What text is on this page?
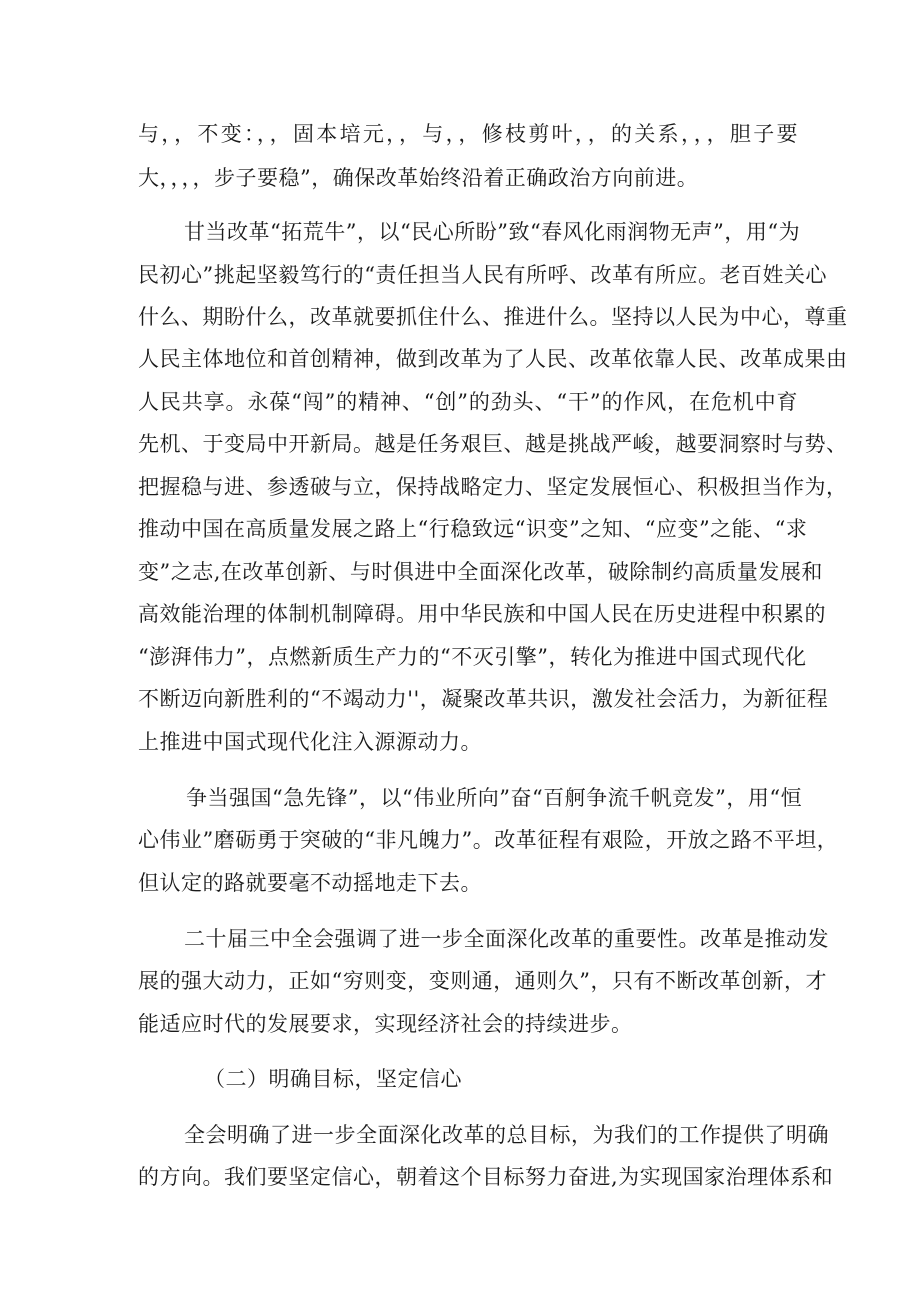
与，，不变：，，固本培元，，与，，修枝剪叶，，的关系，，，胆子要
大，，，，步子要稳”，确保改革始终沿着正确政治方向前进。
甘当改革“拓荒牛”，以“民心所盼”致“春风化雨润物无声”，用“为
民初心”挑起坚毅笃行的“责任担当人民有所呼、改革有所应。老百姓关心
什么、期盼什么，改革就要抓住什么、推进什么。坚持以人民为中心，尊重
人民主体地位和首创精神，做到改革为了人民、改革依靠人民、改革成果由
人民共享。永葆“闯”的精神、“创”的劲头、“干”的作风，在危机中育
先机、于变局中开新局。越是任务艰巨、越是挑战严峻，越要洞察时与势、
把握稳与进、参透破与立，保持战略定力、坚定发展恒心、积极担当作为，
推动中国在高质量发展之路上“行稳致远“识变”之知、“应变”之能、“求
变”之志,在改革创新、与时俱进中全面深化改革，破除制约高质量发展和
高效能治理的体制机制障碍。用中华民族和中国人民在历史进程中积累的
“澎湃伟力”，点燃新质生产力的“不灭引擎”，转化为推进中国式现代化
不断迈向新胜利的“不竭动力''，凝聚改革共识，激发社会活力，为新征程
上推进中国式现代化注入源源动力。
争当强国“急先锋”，以“伟业所向”奋“百舸争流千帆竞发”，用“恒
心伟业”磨砺勇于突破的“非凡魄力”。改革征程有艰险，开放之路不平坦，
但认定的路就要毫不动摇地走下去。
二十届三中全会强调了进一步全面深化改革的重要性。改革是推动发
展的强大动力，正如“穷则变，变则通，通则久”，只有不断改革创新，才
能适应时代的发展要求，实现经济社会的持续进步。
（二）明确目标，坚定信心
全会明确了进一步全面深化改革的总目标，为我们的工作提供了明确
的方向。我们要坚定信心，朝着这个目标努力奋进,为实现国家治理体系和
